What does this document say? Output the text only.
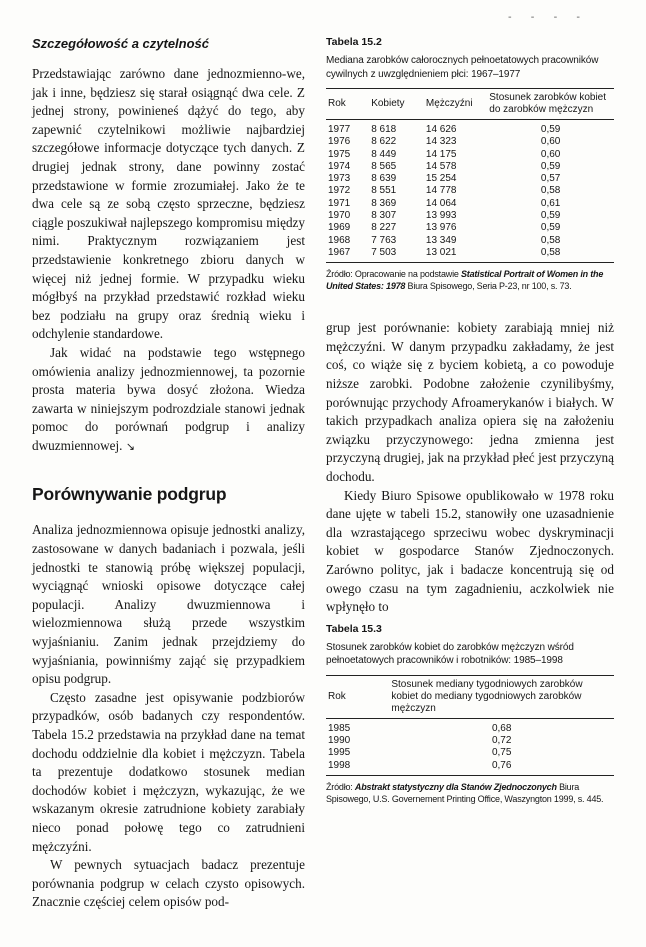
- - - -
Szczegółowość a czytelność

Przedstawiając zarówno dane jednozmienno-we, jak i inne, będziesz się starał osiągnąć dwa cele. Z jednej strony, powinieneś dążyć do tego, aby zapewnić czytelnikowi możliwie najbardziej szczegółowe informacje dotyczące tych danych. Z drugiej jednak strony, dane powinny zostać przedstawione w formie zrozumiałej. Jako że te dwa cele są ze sobą często sprzeczne, będziesz ciągle poszukiwał najlepszego kompromisu między nimi. Praktycznym rozwiązaniem jest przedstawienie konkretnego zbioru danych w więcej niż jednej formie. W przypadku wieku mógłbyś na przykład przedstawić rozkład wieku bez podziału na grupy oraz średnią wieku i odchylenie standardowe.

Jak widać na podstawie tego wstępnego omówienia analizy jednozmiennowej, ta pozornie prosta materia bywa dosyć złożona. Wiedza zawarta w niniejszym podrozdziale stanowi jednak pomoc do porównań podgrup i analizy dwuzmiennowej. ↘

Porównywanie podgrup

Analiza jednozmiennowa opisuje jednostki analizy, zastosowane w danych badaniach i pozwala, jeśli jednostki te stanowią próbę większej populacji, wyciągnąć wnioski opisowe dotyczące całej populacji. Analizy dwuzmiennowa i wielozmiennowa służą przede wszystkim wyjaśnianiu. Zanim jednak przejdziemy do wyjaśniania, powinniśmy zająć się przypadkiem opisu podgrup.

Często zasadne jest opisywanie podzbiorów przypadków, osób badanych czy respondentów. Tabela 15.2 przedstawia na przykład dane na temat dochodu oddzielnie dla kobiet i mężczyzn. Tabela ta prezentuje dodatkowo stosunek median dochodów kobiet i mężczyzn, wykazując, że we wskazanym okresie zatrudnione kobiety zarabiały nieco ponad połowę tego co zatrudnieni mężczyźni.

W pewnych sytuacjach badacz prezentuje porównania podgrup w celach czysto opisowych. Znacznie częściej celem opisów pod-

Tabela 15.2

Mediana zarobków całorocznych pełnoetatowych pracowników cywilnych z uwzględnieniem płci: 1967–1977

Rok	Kobiety	Mężczyźni	Stosunek zarobków kobiet do zarobków mężczyzn
1977	8 618	14 626	0,59
1976	8 622	14 323	0,60
1975	8 449	14 175	0,60
1974	8 565	14 578	0,59
1973	8 639	15 254	0,57
1972	8 551	14 778	0,58
1971	8 369	14 064	0,61
1970	8 307	13 993	0,59
1969	8 227	13 976	0,59
1968	7 763	13 349	0,58
1967	7 503	13 021	0,58

Źródło: Opracowanie na podstawie Statistical Portrait of Women in the United States: 1978 Biura Spisowego, Seria P-23, nr 100, s. 73.

grup jest porównanie: kobiety zarabiają mniej niż mężczyźni. W danym przypadku zakładamy, że jest coś, co wiąże się z byciem kobietą, a co powoduje niższe zarobki. Podobne założenie czynilibyśmy, porównując przychody Afroamerykanów i białych. W takich przypadkach analiza opiera się na założeniu związku przyczynowego: jedna zmienna jest przyczyną drugiej, jak na przykład płeć jest przyczyną dochodu.

Kiedy Biuro Spisowe opublikowało w 1978 roku dane ujęte w tabeli 15.2, stanowiły one uzasadnienie dla wzrastającego sprzeciwu wobec dyskryminacji kobiet w gospodarce Stanów Zjednoczonych. Zarówno polityc, jak i badacze koncentrują się od owego czasu na tym zagadnieniu, aczkolwiek nie wpłynęło to

Tabela 15.3

Stosunek zarobków kobiet do zarobków mężczyzn wśród pełnoetatowych pracowników i robotników: 1985–1998

Rok	Stosunek mediany tygodniowych zarobków kobiet do mediany tygodniowych zarobków mężczyzn
1985	0,68
1990	0,72
1995	0,75
1998	0,76

Źródło: Abstrakt statystyczny dla Stanów Zjednoczonych Biura Spisowego, U.S. Governement Printing Office, Waszyngton 1999, s. 445.
